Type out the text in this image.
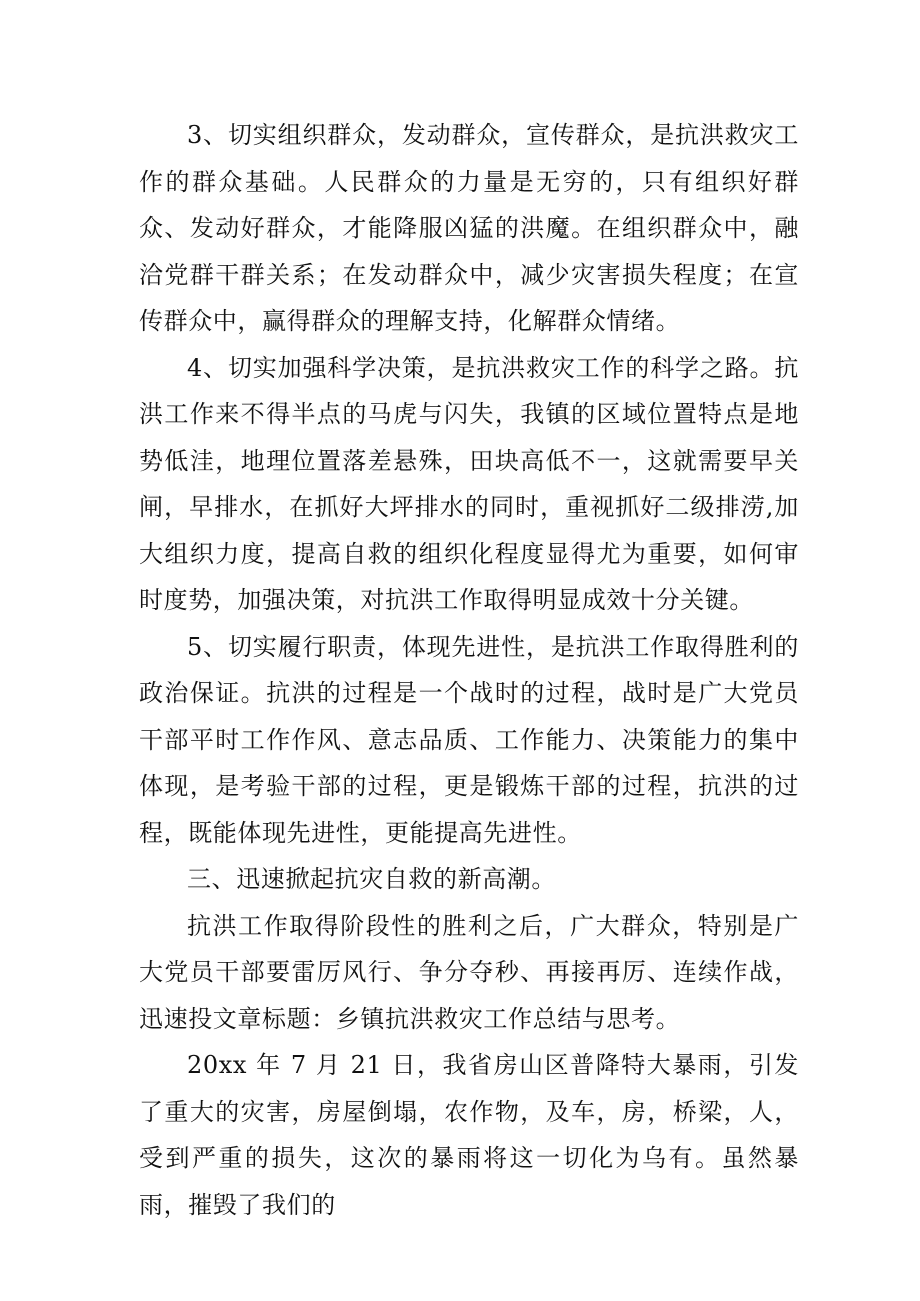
3、切实组织群众，发动群众，宣传群众，是抗洪救灾工作的群众基础。人民群众的力量是无穷的，只有组织好群众、发动好群众，才能降服凶猛的洪魔。在组织群众中，融洽党群干群关系；在发动群众中，减少灾害损失程度；在宣传群众中，赢得群众的理解支持，化解群众情绪。

4、切实加强科学决策，是抗洪救灾工作的科学之路。抗洪工作来不得半点的马虎与闪失，我镇的区域位置特点是地势低洼，地理位置落差悬殊，田块高低不一，这就需要早关闸，早排水，在抓好大坪排水的同时，重视抓好二级排涝,加大组织力度，提高自救的组织化程度显得尤为重要，如何审时度势，加强决策，对抗洪工作取得明显成效十分关键。

5、切实履行职责，体现先进性，是抗洪工作取得胜利的政治保证。抗洪的过程是一个战时的过程，战时是广大党员干部平时工作作风、意志品质、工作能力、决策能力的集中体现，是考验干部的过程，更是锻炼干部的过程，抗洪的过程，既能体现先进性，更能提高先进性。

三、迅速掀起抗灾自救的新高潮。

抗洪工作取得阶段性的胜利之后，广大群众，特别是广大党员干部要雷厉风行、争分夺秒、再接再厉、连续作战，迅速投文章标题：乡镇抗洪救灾工作总结与思考。

20xx 年 7 月 21 日，我省房山区普降特大暴雨，引发了重大的灾害，房屋倒塌，农作物，及车，房，桥梁，人，受到严重的损失，这次的暴雨将这一切化为乌有。虽然暴雨，摧毁了我们的
